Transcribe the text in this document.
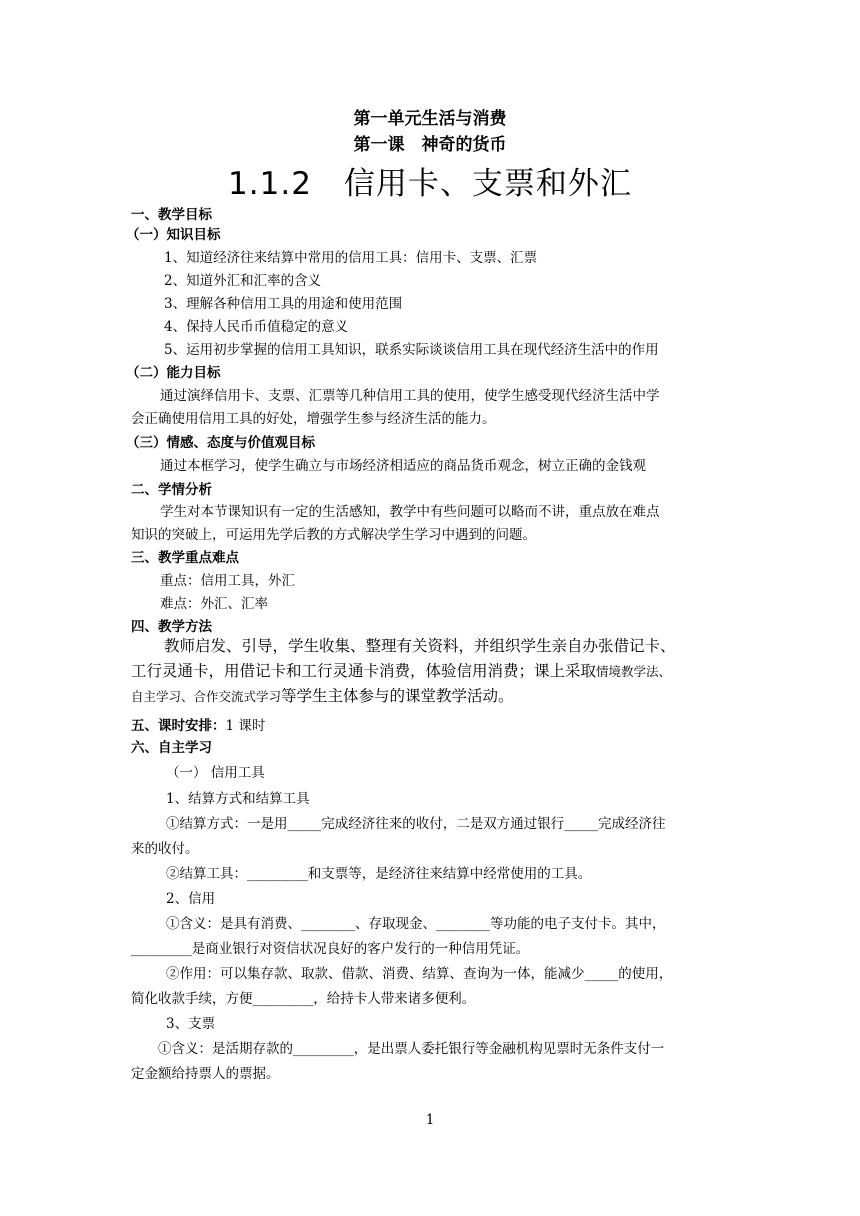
第一单元生活与消费
第一课　神奇的货币
1.1.2　信用卡、支票和外汇
一、教学目标
（一）知识目标
1、知道经济往来结算中常用的信用工具：信用卡、支票、汇票
2、知道外汇和汇率的含义
3、理解各种信用工具的用途和使用范围
4、保持人民币币值稳定的意义
5、运用初步掌握的信用工具知识，联系实际谈谈信用工具在现代经济生活中的作用
（二）能力目标
通过演绎信用卡、支票、汇票等几种信用工具的使用，使学生感受现代经济生活中学
会正确使用信用工具的好处，增强学生参与经济生活的能力。
（三）情感、态度与价值观目标
通过本框学习，使学生确立与市场经济相适应的商品货币观念，树立正确的金钱观
二、学情分析
学生对本节课知识有一定的生活感知，教学中有些问题可以略而不讲，重点放在难点
知识的突破上，可运用先学后教的方式解决学生学习中遇到的问题。
三、教学重点难点
重点：信用工具，外汇
难点：外汇、汇率
四、教学方法
教师启发、引导，学生收集、整理有关资料，并组织学生亲自办张借记卡、
工行灵通卡，用借记卡和工行灵通卡消费，体验信用消费；课上采取情境教学法、
自主学习、合作交流式学习等学生主体参与的课堂教学活动。
五、课时安排：1 课时
六、自主学习
（一） 信用工具
1、结算方式和结算工具
①结算方式：一是用_____完成经济往来的收付，二是双方通过银行_____完成经济往
来的收付。
②结算工具：_________和支票等，是经济往来结算中经常使用的工具。
2、信用
①含义：是具有消费、________、存取现金、________等功能的电子支付卡。其中，
_________是商业银行对资信状况良好的客户发行的一种信用凭证。
②作用：可以集存款、取款、借款、消费、结算、查询为一体，能减少_____的使用，
简化收款手续，方便_________，给持卡人带来诸多便利。
3、支票
①含义：是活期存款的_________，是出票人委托银行等金融机构见票时无条件支付一
定金额给持票人的票据。
1
